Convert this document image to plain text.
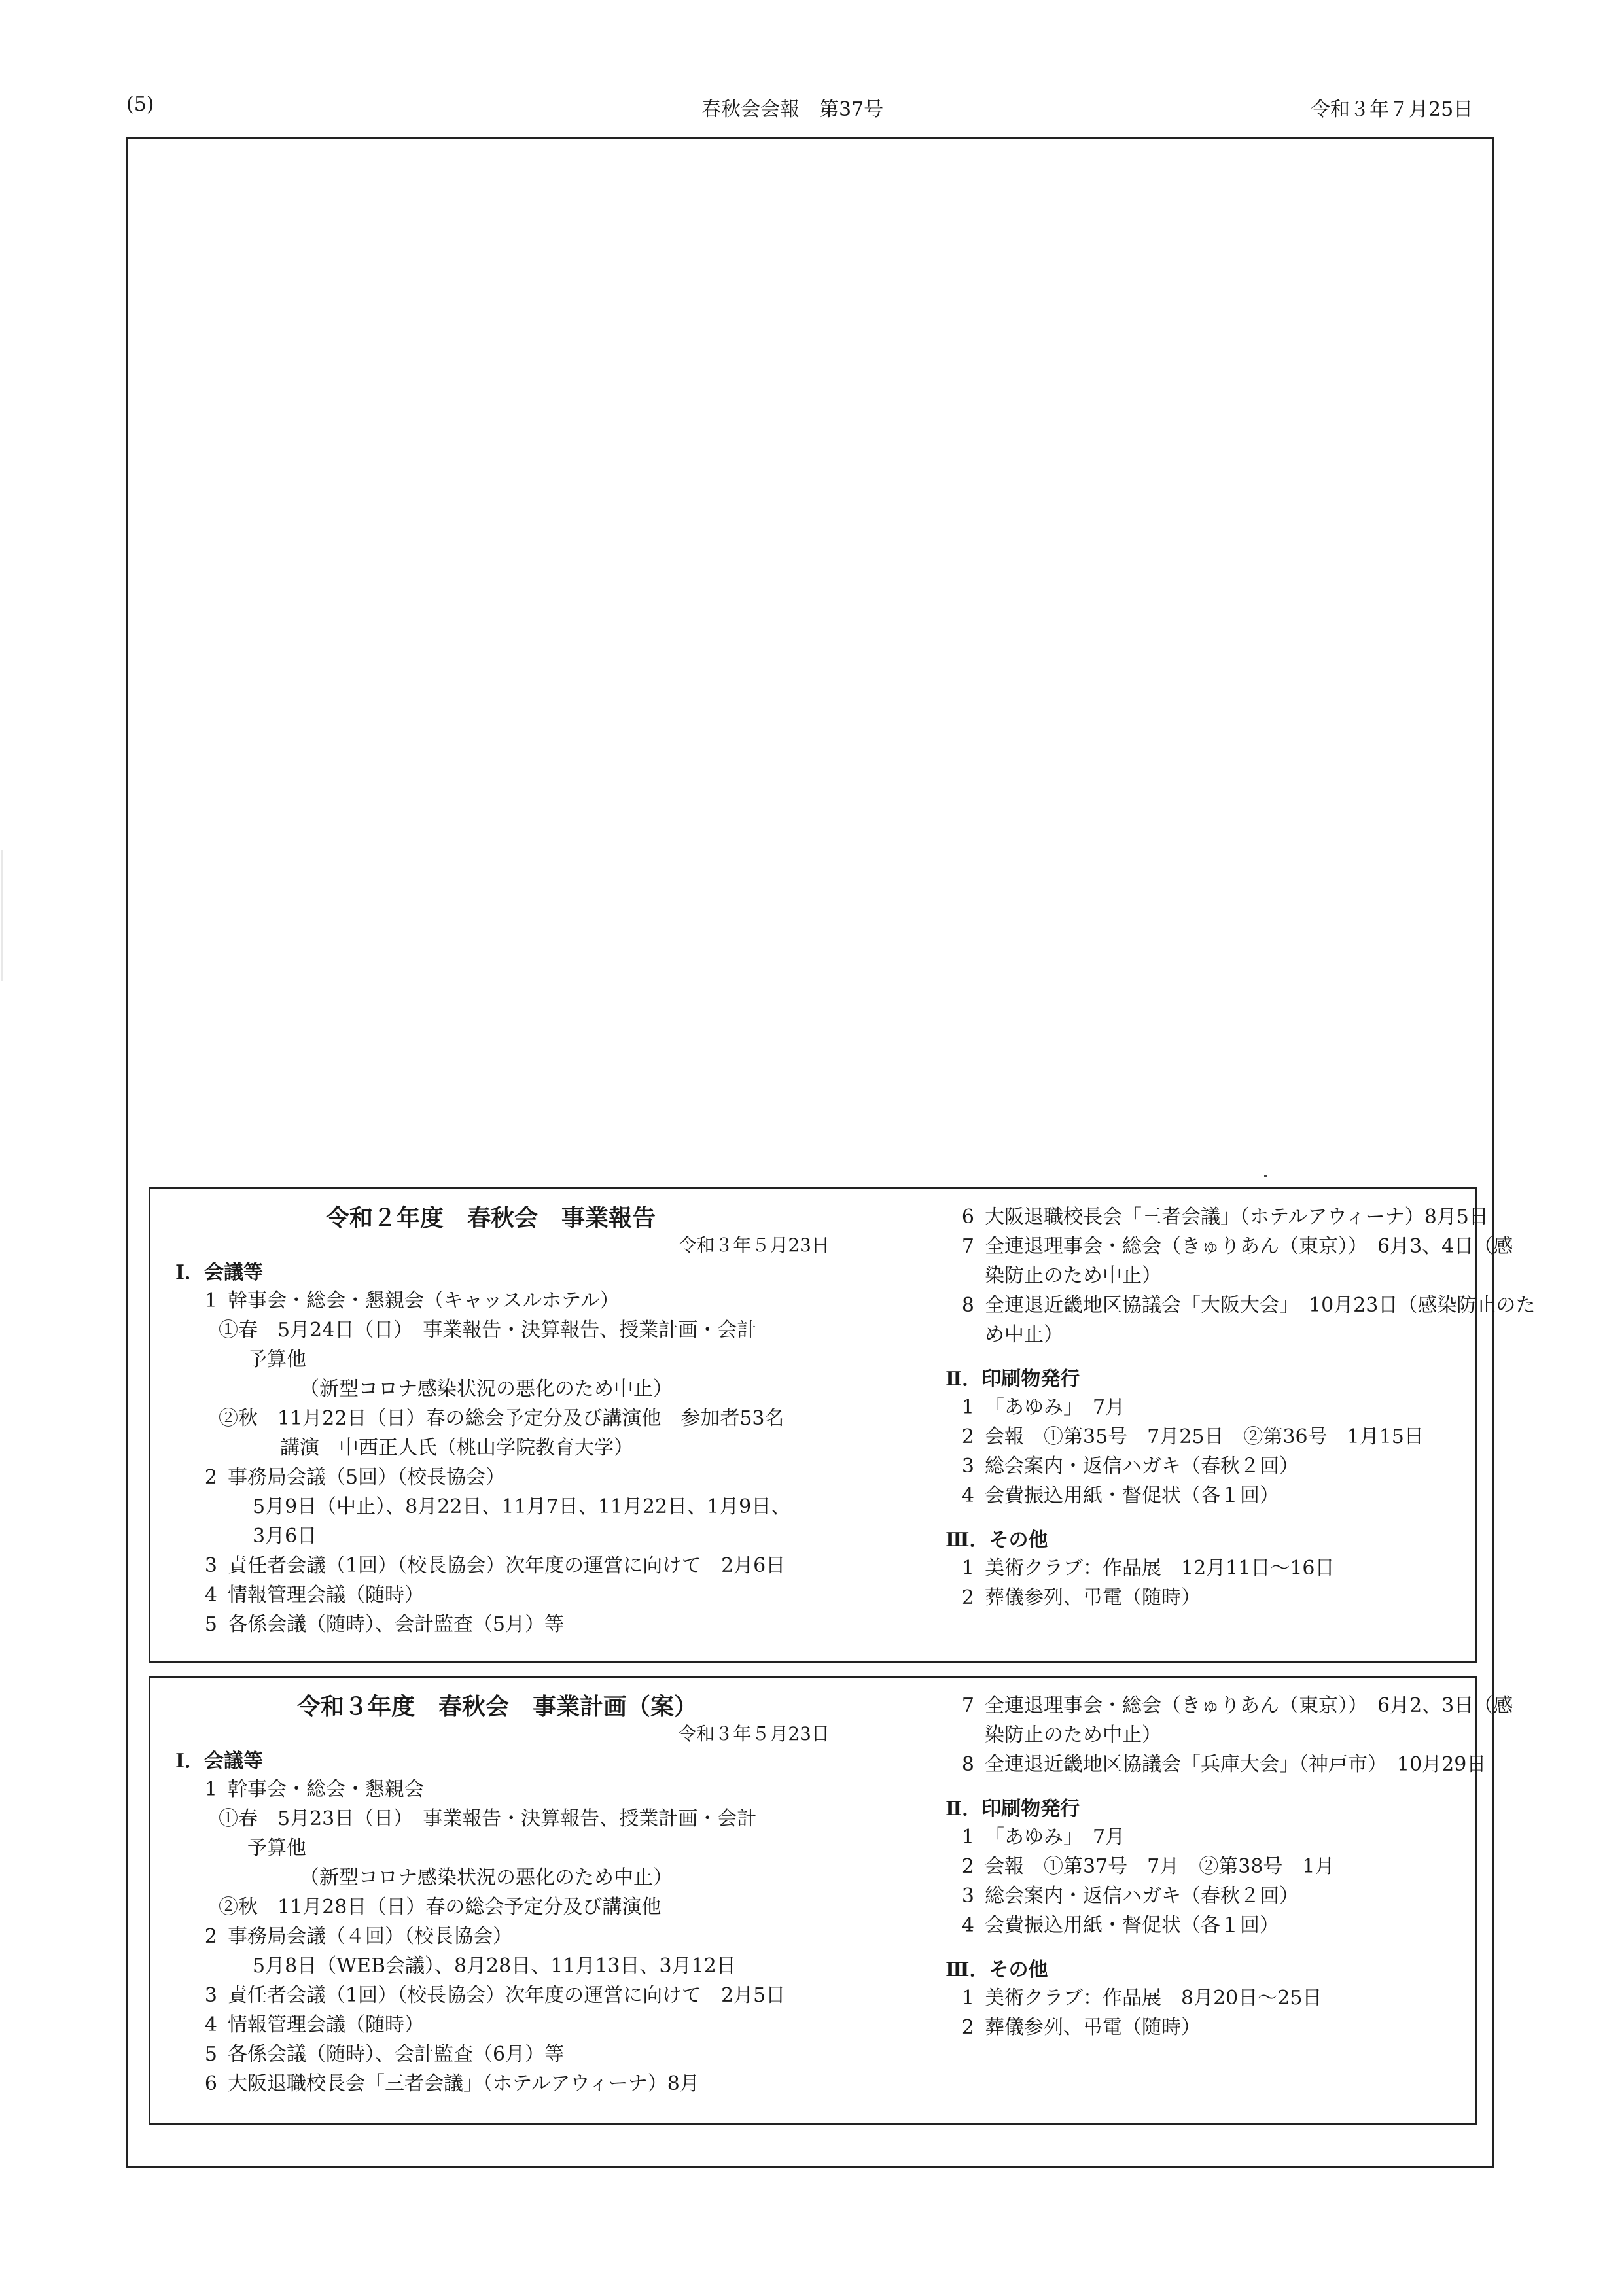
(5)	春秋会会報　第37号	令和３年７月25日
令和２年度　春秋会　事業報告
令和３年５月23日
Ⅰ．会議等
1 幹事会・総会・懇親会（キャッスルホテル）
①春　5月24日（日）　事業報告・決算報告、授業計画・会計
予算他
（新型コロナ感染状況の悪化のため中止）
②秋　11月22日（日）春の総会予定分及び講演他　参加者53名
講演　中西正人氏（桃山学院教育大学）
2 事務局会議（5回）（校長協会）
5月9日（中止）、8月22日、11月7日、11月22日、1月9日、
3月6日
3 責任者会議（1回）（校長協会）次年度の運営に向けて　2月6日
4 情報管理会議（随時）
5 各係会議（随時）、会計監査（5月）等
6 大阪退職校長会「三者会議」（ホテルアウィーナ）8月5日
7 全連退理事会・総会（きゅりあん（東京））　6月3、4日（感
染防止のため中止）
8 全連退近畿地区協議会「大阪大会」　10月23日（感染防止のた
め中止）
Ⅱ．印刷物発行
1 「あゆみ」　7月
2 会報　①第35号　7月25日　②第36号　1月15日
3 総会案内・返信ハガキ（春秋２回）
4 会費振込用紙・督促状（各１回）
Ⅲ．その他
1 美術クラブ：作品展　12月11日～16日
2 葬儀参列、弔電（随時）
令和３年度　春秋会　事業計画（案）
令和３年５月23日
Ⅰ．会議等
1 幹事会・総会・懇親会
①春　5月23日（日）　事業報告・決算報告、授業計画・会計
予算他
（新型コロナ感染状況の悪化のため中止）
②秋　11月28日（日）春の総会予定分及び講演他
2 事務局会議（４回）（校長協会）
5月8日（WEB会議）、8月28日、11月13日、3月12日
3 責任者会議（1回）（校長協会）次年度の運営に向けて　2月5日
4 情報管理会議（随時）
5 各係会議（随時）、会計監査（6月）等
6 大阪退職校長会「三者会議」（ホテルアウィーナ）8月
7 全連退理事会・総会（きゅりあん（東京））　6月2、3日（感
染防止のため中止）
8 全連退近畿地区協議会「兵庫大会」（神戸市）　10月29日
Ⅱ．印刷物発行
1 「あゆみ」　7月
2 会報　①第37号　7月　②第38号　1月
3 総会案内・返信ハガキ（春秋２回）
4 会費振込用紙・督促状（各１回）
Ⅲ．その他
1 美術クラブ：作品展　8月20日～25日
2 葬儀参列、弔電（随時）
